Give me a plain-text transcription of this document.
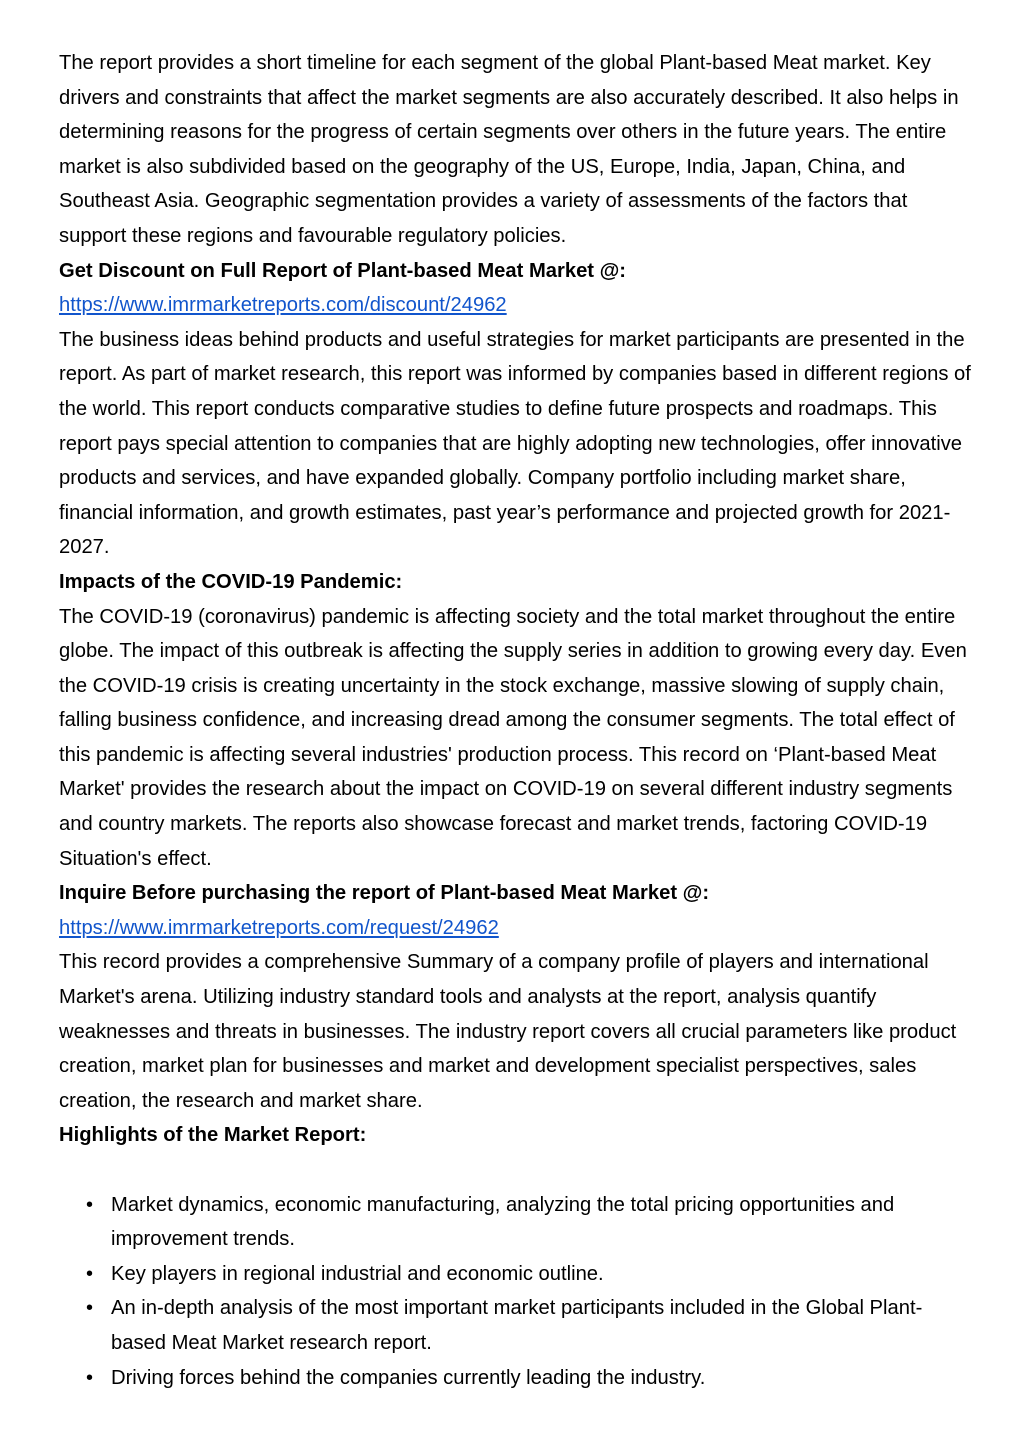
The report provides a short timeline for each segment of the global Plant-based Meat market. Key drivers and constraints that affect the market segments are also accurately described. It also helps in determining reasons for the progress of certain segments over others in the future years. The entire market is also subdivided based on the geography of the US, Europe, India, Japan, China, and Southeast Asia. Geographic segmentation provides a variety of assessments of the factors that support these regions and favourable regulatory policies.

Get Discount on Full Report of Plant-based Meat Market @:

https://www.imrmarketreports.com/discount/24962

The business ideas behind products and useful strategies for market participants are presented in the report. As part of market research, this report was informed by companies based in different regions of the world. This report conducts comparative studies to define future prospects and roadmaps. This report pays special attention to companies that are highly adopting new technologies, offer innovative products and services, and have expanded globally. Company portfolio including market share, financial information, and growth estimates, past year’s performance and projected growth for 2021-2027.

Impacts of the COVID-19 Pandemic:

The COVID-19 (coronavirus) pandemic is affecting society and the total market throughout the entire globe. The impact of this outbreak is affecting the supply series in addition to growing every day. Even the COVID-19 crisis is creating uncertainty in the stock exchange, massive slowing of supply chain, falling business confidence, and increasing dread among the consumer segments. The total effect of this pandemic is affecting several industries' production process. This record on ‘Plant-based Meat Market' provides the research about the impact on COVID-19 on several different industry segments and country markets. The reports also showcase forecast and market trends, factoring COVID-19 Situation's effect.

Inquire Before purchasing the report of Plant-based Meat Market @:

https://www.imrmarketreports.com/request/24962

This record provides a comprehensive Summary of a company profile of players and international Market's arena. Utilizing industry standard tools and analysts at the report, analysis quantify weaknesses and threats in businesses. The industry report covers all crucial parameters like product creation, market plan for businesses and market and development specialist perspectives, sales creation, the research and market share.

Highlights of the Market Report:

• Market dynamics, economic manufacturing, analyzing the total pricing opportunities and improvement trends.
• Key players in regional industrial and economic outline.
• An in-depth analysis of the most important market participants included in the Global Plant-based Meat Market research report.
• Driving forces behind the companies currently leading the industry.
